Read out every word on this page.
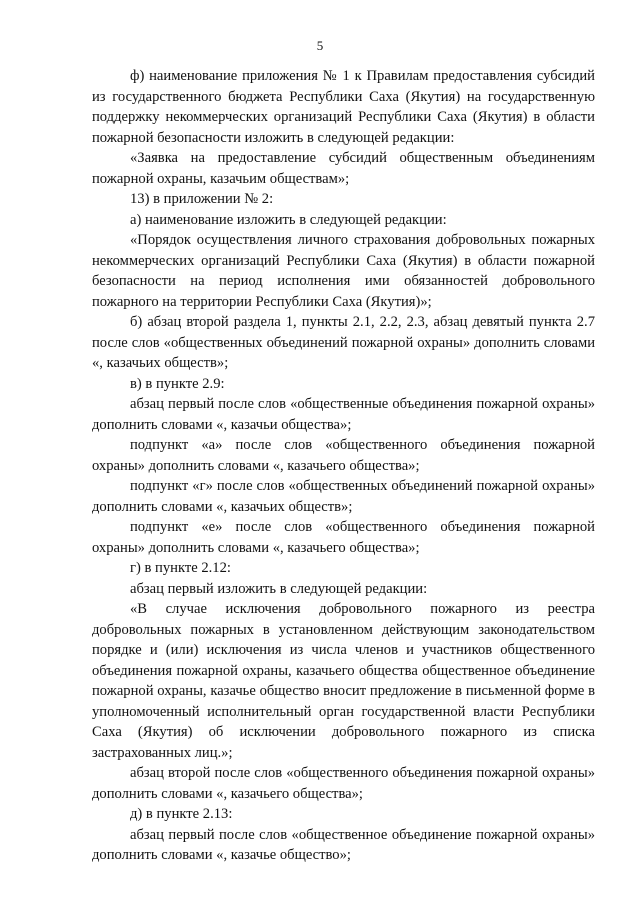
5

ф) наименование приложения № 1 к Правилам предоставления субсидий из государственного бюджета Республики Саха (Якутия) на государственную поддержку некоммерческих организаций Республики Саха (Якутия) в области пожарной безопасности изложить в следующей редакции:

«Заявка на предоставление субсидий общественным объединениям пожарной охраны, казачьим обществам»;

13) в приложении № 2:

а) наименование изложить в следующей редакции:

«Порядок осуществления личного страхования добровольных пожарных некоммерческих организаций Республики Саха (Якутия) в области пожарной безопасности на период исполнения ими обязанностей добровольного пожарного на территории Республики Саха (Якутия)»;

б) абзац второй раздела 1, пункты 2.1, 2.2, 2.3, абзац девятый пункта 2.7 после слов «общественных объединений пожарной охраны» дополнить словами «, казачьих обществ»;

в) в пункте 2.9:

абзац первый после слов «общественные объединения пожарной охраны» дополнить словами «, казачьи общества»;

подпункт «а» после слов «общественного объединения пожарной охраны» дополнить словами «, казачьего общества»;

подпункт «г» после слов «общественных объединений пожарной охраны» дополнить словами «, казачьих обществ»;

подпункт «е» после слов «общественного объединения пожарной охраны» дополнить словами «, казачьего общества»;

г) в пункте 2.12:

абзац первый изложить в следующей редакции:

«В случае исключения добровольного пожарного из реестра добровольных пожарных в установленном действующим законодательством порядке и (или) исключения из числа членов и участников общественного объединения пожарной охраны, казачьего общества общественное объединение пожарной охраны, казачье общество вносит предложение в письменной форме в уполномоченный исполнительный орган государственной власти Республики Саха (Якутия) об исключении добровольного пожарного из списка застрахованных лиц.»;

абзац второй после слов «общественного объединения пожарной охраны» дополнить словами «, казачьего общества»;

д) в пункте 2.13:

абзац первый после слов «общественное объединение пожарной охраны» дополнить словами «, казачье общество»;
